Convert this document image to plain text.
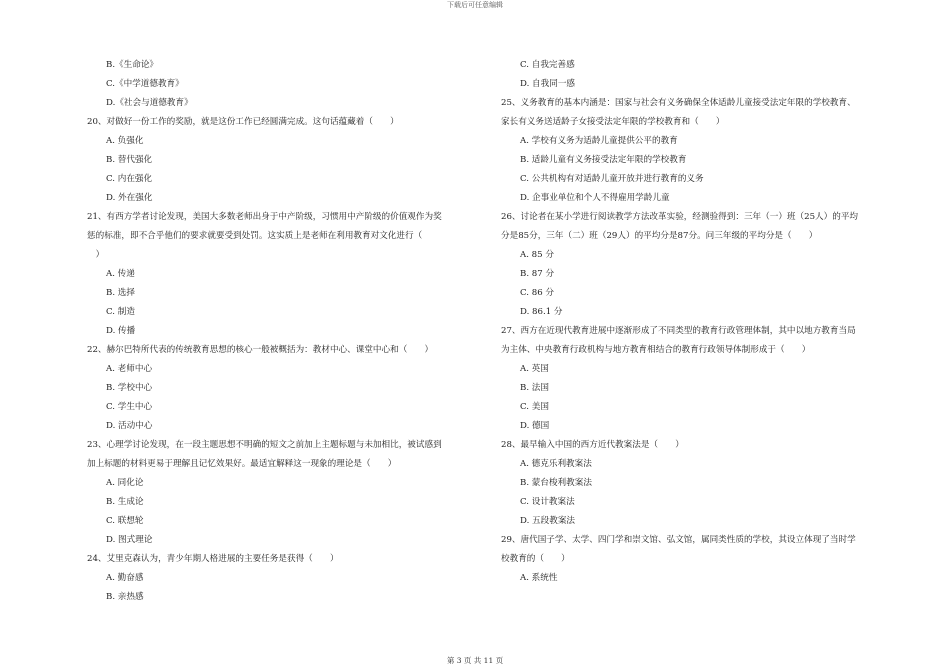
下载后可任意编辑

B.《生命论》

C.《中学道德教育》

D.《社会与道德教育》

20、对做好一份工作的奖励，就是这份工作已经圆满完成。这句话蕴藏着（　　）

A. 负强化

B. 替代强化

C. 内在强化

D. 外在强化

21、有西方学者讨论发现，美国大多数老师出身于中产阶级，习惯用中产阶级的价值观作为奖

惩的标准，即不合乎他们的要求就要受到处罚。这实质上是老师在利用教育对文化进行（

　）

A. 传递

B. 选择

C. 制造

D. 传播

22、赫尔巴特所代表的传统教育思想的核心一般被概括为：教材中心、课堂中心和（　　）

A. 老师中心

B. 学校中心

C. 学生中心

D. 活动中心

23、心理学讨论发现，在一段主题思想不明确的短文之前加上主题标题与未加相比，被试感到

加上标题的材料更易于理解且记忆效果好。最适宜解释这一现象的理论是（　　）

A. 同化论

B. 生成论

C. 联想轮

D. 图式理论

24、艾里克森认为，青少年期人格进展的主要任务是获得（　　）

A. 勤奋感

B. 亲热感

C. 自我完善感

D. 自我同一感

25、义务教育的基本内涵是：国家与社会有义务确保全体适龄儿童接受法定年限的学校教育、

家长有义务送适龄子女接受法定年限的学校教育和（　　）

A. 学校有义务为适龄儿童提供公平的教育

B. 适龄儿童有义务接受法定年限的学校教育

C. 公共机构有对适龄儿童开放并进行教育的义务

D. 企事业单位和个人不得雇用学龄儿童

26、讨论者在某小学进行阅读教学方法改革实验，经测验得到：三年（一）班（25人）的平均

分是85分，三年（二）班（29人）的平均分是87分。问三年级的平均分是（　　）

A. 85 分

B. 87 分

C. 86 分

D. 86.1 分

27、西方在近现代教育进展中逐渐形成了不同类型的教育行政管理体制，其中以地方教育当局

为主体、中央教育行政机构与地方教育相结合的教育行政领导体制形成于（　　）

A. 英国

B. 法国

C. 美国

D. 德国

28、最早输入中国的西方近代教案法是（　　）

A. 德克乐利教案法

B. 蒙台梭利教案法

C. 设计教案法

D. 五段教案法

29、唐代国子学、太学、四门学和崇文馆、弘文馆，属同类性质的学校，其设立体现了当时学

校教育的（　　）

A. 系统性

第 3 页 共 11 页
